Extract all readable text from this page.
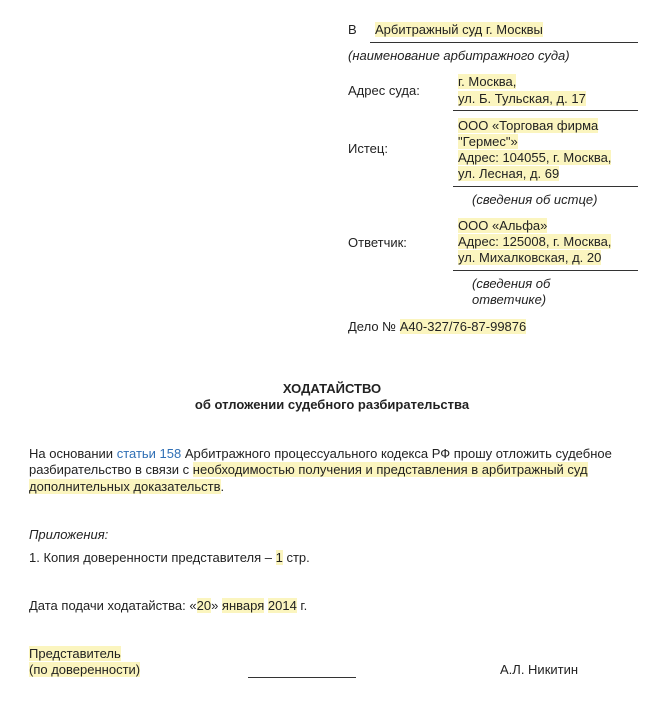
В Арбитражный суд г. Москвы
(наименование арбитражного суда)
Адрес суда:
г. Москва,
ул. Б. Тульская, д. 17
Истец:
ООО «Торговая фирма
"Гермес"»
Адрес: 104055, г. Москва,
ул. Лесная, д. 69
(сведения об истце)
Ответчик:
ООО «Альфа»
Адрес: 125008, г. Москва,
ул. Михалковская, д. 20
(сведения об
ответчике)
Дело № А40-327/76-87-99876
ХОДАТАЙСТВО
об отложении судебного разбирательства
На основании статьи 158 Арбитражного процессуального кодекса РФ прошу отложить судебное
разбирательство в связи с необходимостью получения и представления в арбитражный суд
дополнительных доказательств.
Приложения:
1. Копия доверенности представителя – 1 стр.
Дата подачи ходатайства: «20» января 2014 г.
Представитель
(по доверенности)	А.Л. Никитин
